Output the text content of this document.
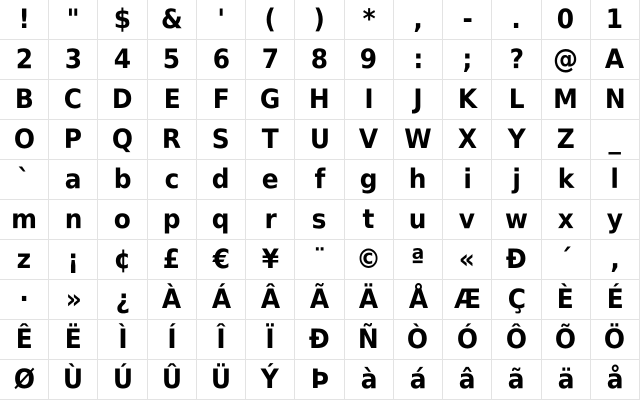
! " $ & ' ( ) * , - . 0 1
2 3 4 5 6 7 8 9 : ; ? @ A
B C D E F G H I J K L M N
O P Q R S T U V W X Y Z _
` a b c d e f g h i j k l
m n o p q r s t u v w x y
z ¡ ¢ £ € ¥ ¨ © ª « Ð ´ ,
· » ¿ À Á Â Ã Ä Å Æ Ç È É
Ê Ë Ì Í Î Ï Ð Ñ Ò Ó Ô Õ Ö
Ø Ù Ú Û Ü Ý Þ à á â ã ä å
